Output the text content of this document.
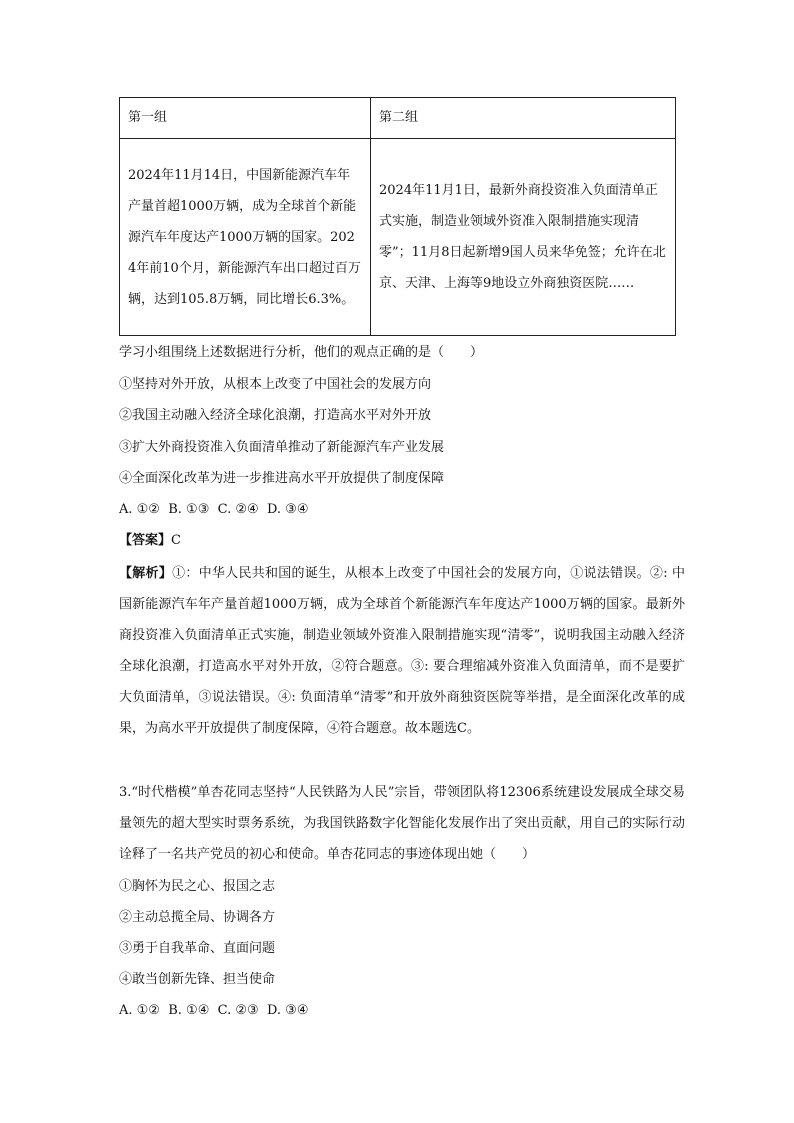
第一组	第二组
2024年11月14日，中国新能源汽车年产量首超1000万辆，成为全球首个新能源汽车年度达产1000万辆的国家。2024年前10个月，新能源汽车出口超过百万辆，达到105.8万辆，同比增长6.3%。	2024年11月1日，最新外商投资准入负面清单正式实施，制造业领域外资准入限制措施实现清零”；11月8日起新增9国人员来华免签；允许在北京、天津、上海等9地设立外商独资医院……
学习小组围绕上述数据进行分析，他们的观点正确的是（　　）
①坚持对外开放，从根本上改变了中国社会的发展方向
②我国主动融入经济全球化浪潮，打造高水平对外开放
③扩大外商投资准入负面清单推动了新能源汽车产业发展
④全面深化改革为进一步推进高水平开放提供了制度保障
A. ①②  B. ①③  C. ②④  D. ③④
【答案】C
【解析】①：中华人民共和国的诞生，从根本上改变了中国社会的发展方向，①说法错误。②: 中国新能源汽车年产量首超1000万辆，成为全球首个新能源汽车年度达产1000万辆的国家。最新外商投资准入负面清单正式实施，制造业领域外资准入限制措施实现“清零”，说明我国主动融入经济全球化浪潮，打造高水平对外开放，②符合题意。③: 要合理缩减外资准入负面清单，而不是要扩大负面清单，③说法错误。④: 负面清单“清零”和开放外商独资医院等举措，是全面深化改革的成果，为高水平开放提供了制度保障，④符合题意。故本题选C。
3.“时代楷模”单杏花同志坚持“人民铁路为人民”宗旨，带领团队将12306系统建设发展成全球交易量领先的超大型实时票务系统，为我国铁路数字化智能化发展作出了突出贡献，用自己的实际行动诠释了一名共产党员的初心和使命。单杏花同志的事迹体现出她（　　）
①胸怀为民之心、报国之志
②主动总揽全局、协调各方
③勇于自我革命、直面问题
④敢当创新先锋、担当使命
A. ①②  B. ①④  C. ②③  D. ③④
